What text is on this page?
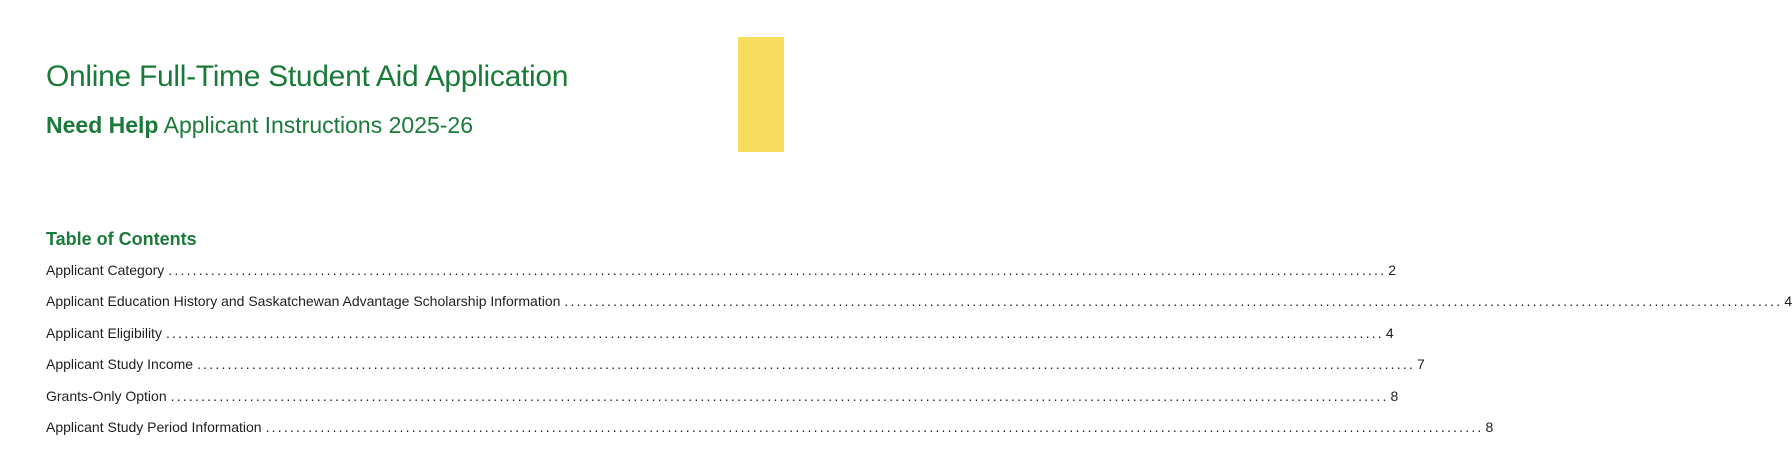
Online Full-Time Student Aid Application
Need Help Applicant Instructions 2025-26
Table of Contents
Applicant Category ........................................................................................................................................................................................................ 2
Applicant Education History and Saskatchewan Advantage Scholarship Information ........................................................................................................................................................................................................ 4
Applicant Eligibility ........................................................................................................................................................................................................ 4
Applicant Study Income ........................................................................................................................................................................................................ 7
Grants-Only Option ........................................................................................................................................................................................................ 8
Applicant Study Period Information ........................................................................................................................................................................................................ 8
